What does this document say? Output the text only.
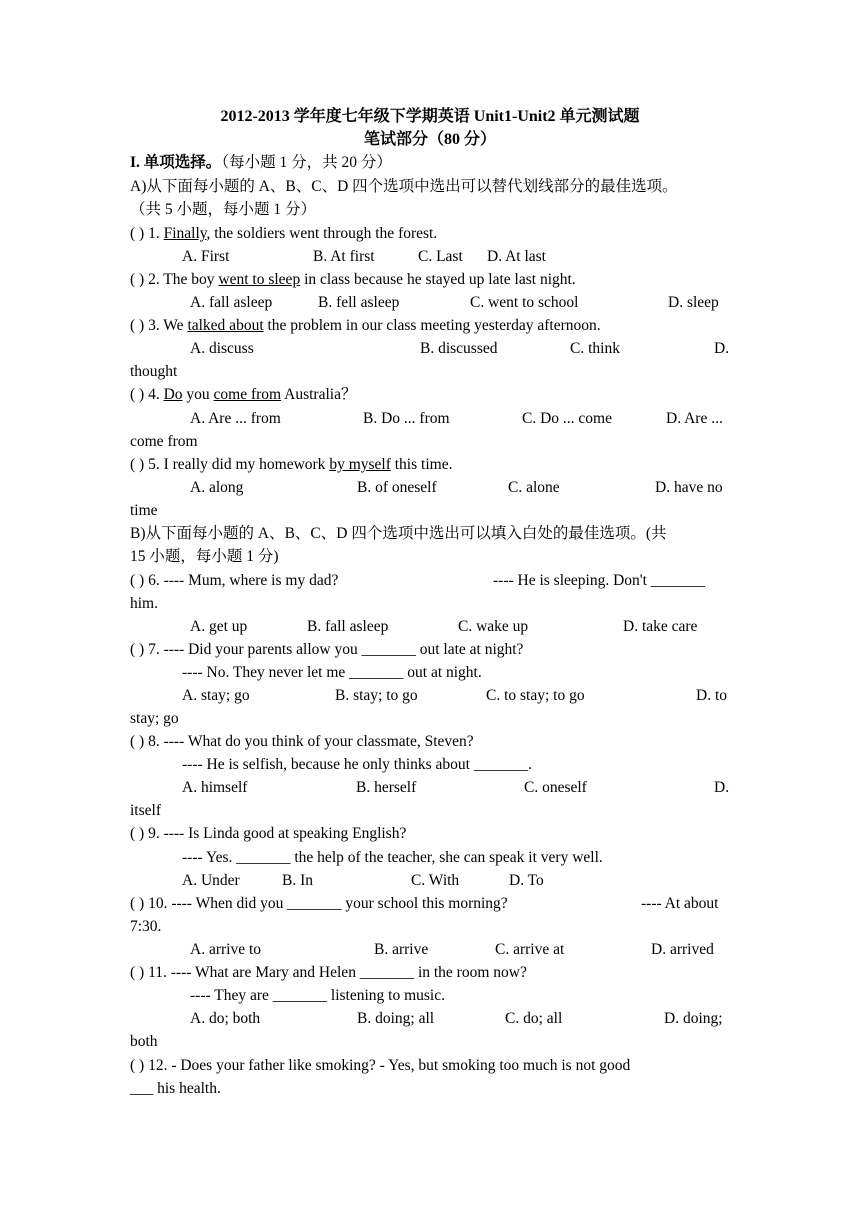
2012-2013 学年度七年级下学期英语 Unit1-Unit2 单元测试题
笔试部分（80 分）
I. 单项选择。（每小题 1 分，共 20 分）
A)从下面每小题的 A、B、C、D 四个选项中选出可以替代划线部分的最佳选项。
（共 5 小题，每小题 1 分）
( ) 1. Finally, the soldiers went through the forest.
A. First	B. At first	C. Last D. At last
( ) 2. The boy went to sleep in class because he stayed up late last night.
A. fall asleep	B. fell asleep	C. went to school	D. sleep
( ) 3. We talked about the problem in our class meeting yesterday afternoon.
A. discuss	B. discussed	C. think	D.
thought
( ) 4. Do you come from Australia？
A. Are ... from	B. Do ... from	C. Do ... come	D. Are ...
come from
( ) 5. I really did my homework by myself this time.
A. along	B. of oneself	C. alone	D. have no
time
B)从下面每小题的 A、B、C、D 四个选项中选出可以填入白处的最佳选项。(共
15 小题，每小题 1 分)
( ) 6. ---- Mum, where is my dad?	---- He is sleeping. Don't _______
him.
A. get up	B. fall asleep	C. wake up	D. take care
( ) 7. ---- Did your parents allow you _______ out late at night?
---- No. They never let me _______ out at night.
A. stay; go	B. stay; to go	C. to stay; to go	D. to
stay; go
( ) 8. ---- What do you think of your classmate, Steven?
---- He is selfish, because he only thinks about _______.
A. himself	B. herself	C. oneself	D.
itself
( ) 9. ---- Is Linda good at speaking English?
---- Yes. _______ the help of the teacher, she can speak it very well.
A. Under	B. In	C. With	D. To
( ) 10. ---- When did you _______ your school this morning?	---- At about
7:30.
A. arrive to	B. arrive	C. arrive at	D. arrived
( ) 11. ---- What are Mary and Helen _______ in the room now?
---- They are _______ listening to music.
A. do; both	B. doing; all	C. do; all	D. doing;
both
( ) 12. - Does your father like smoking? - Yes, but smoking too much is not good
___ his health.
